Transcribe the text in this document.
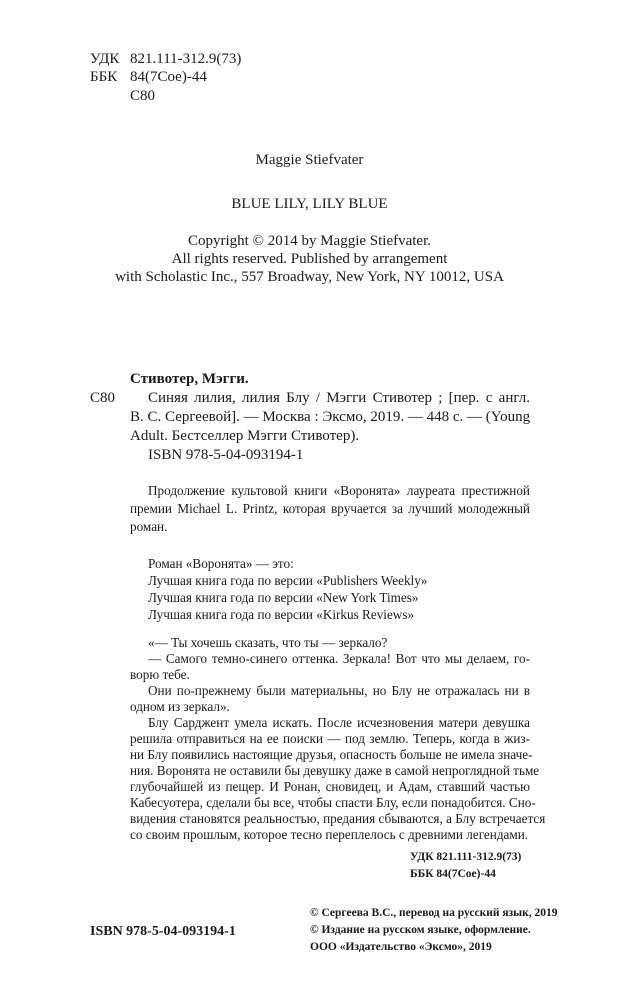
УДК 821.111-312.9(73)
ББК 84(7Сое)-44
С80
Maggie Stiefvater
BLUE LILY, LILY BLUE
Copyright © 2014 by Maggie Stiefvater.
All rights reserved. Published by arrangement
with Scholastic Inc., 557 Broadway, New York, NY 10012, USA
Стивотер, Мэгги.
С80 Синяя лилия, лилия Блу / Мэгги Стивотер ; [пер. с англ.
В. С. Сергеевой]. — Москва : Эксмо, 2019. — 448 с. — (Young
Adult. Бестселлер Мэгги Стивотер).
ISBN 978-5-04-093194-1
Продолжение культовой книги «Воронята» лауреата престижной
премии Michael L. Printz, которая вручается за лучший молодежный
роман.
Роман «Воронята» — это:
Лучшая книга года по версии «Publishers Weekly»
Лучшая книга года по версии «New York Times»
Лучшая книга года по версии «Kirkus Reviews»
«— Ты хочешь сказать, что ты — зеркало?
— Самого темно-синего оттенка. Зеркала! Вот что мы делаем, го-
ворю тебе.
Они по-прежнему были материальны, но Блу не отражалась ни в
одном из зеркал».
Блу Сарджент умела искать. После исчезновения матери девушка
решила отправиться на ее поиски — под землю. Теперь, когда в жиз-
ни Блу появились настоящие друзья, опасность больше не имела значе-
ния. Воронята не оставили бы девушку даже в самой непроглядной тьме
глубочайшей из пещер. И Ронан, сновидец, и Адам, ставший частью
Кабесуотера, сделали бы все, чтобы спасти Блу, если понадобится. Сно-
видения становятся реальностью, предания сбываются, а Блу встречается
со своим прошлым, которое тесно переплелось с древними легендами.
УДК 821.111-312.9(73)
ББК 84(7Сое)-44
© Сергеева В.С., перевод на русский язык, 2019
© Издание на русском языке, оформление.
ООО «Издательство «Эксмо», 2019
ISBN 978-5-04-093194-1
